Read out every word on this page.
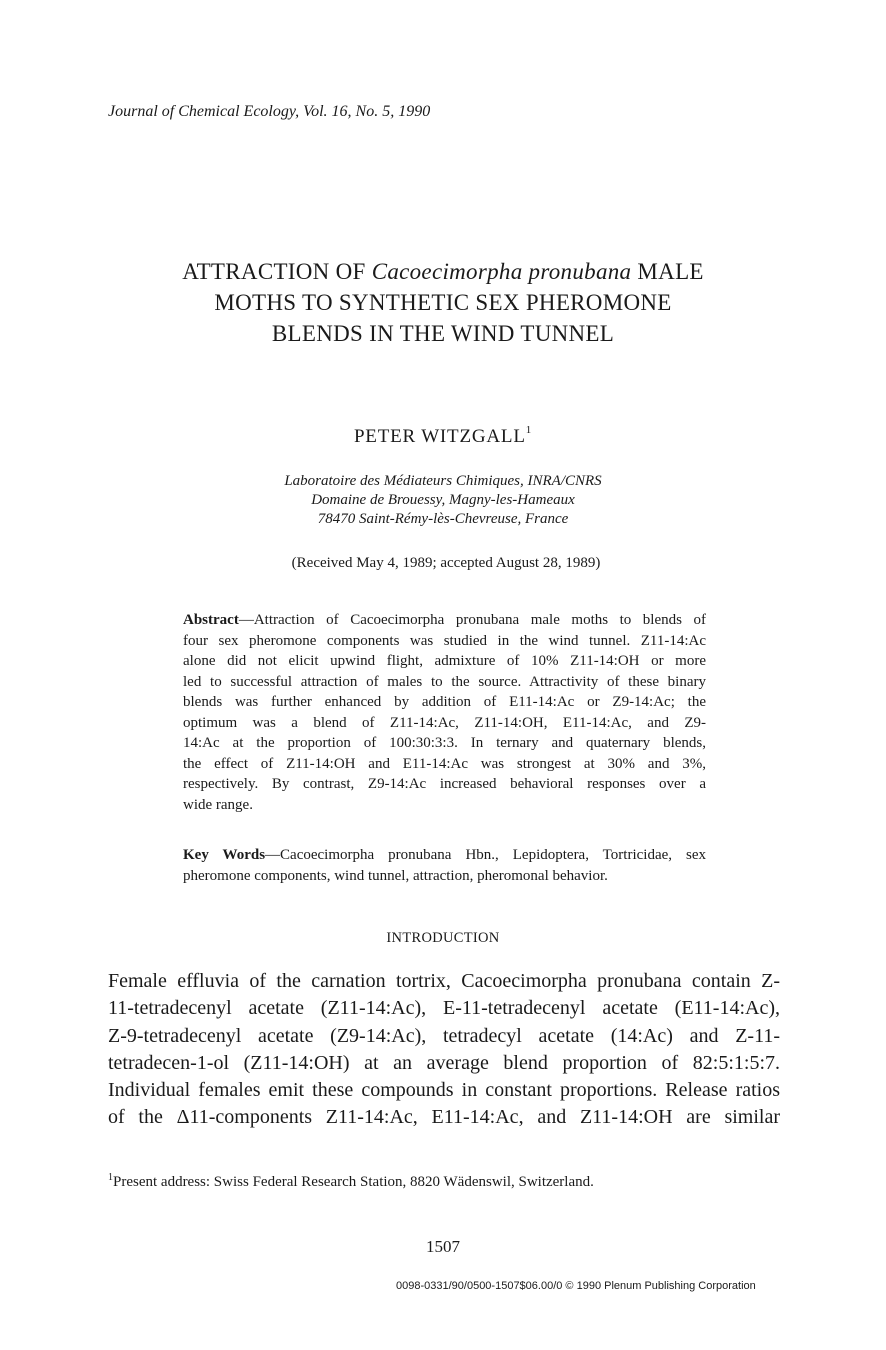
Journal of Chemical Ecology, Vol. 16, No. 5, 1990
ATTRACTION OF Cacoecimorpha pronubana MALE
MOTHS TO SYNTHETIC SEX PHEROMONE
BLENDS IN THE WIND TUNNEL
PETER WITZGALL$^1$
Laboratoire des Médiateurs Chimiques, INRA/CNRS
Domaine de Brouessy, Magny-les-Hameaux
78470 Saint-Rémy-lès-Chevreuse, France
(Received May 4, 1989; accepted August 28, 1989)
Abstract—Attraction of Cacoecimorpha pronubana male moths to blends of
four sex pheromone components was studied in the wind tunnel. Z11-14:Ac
alone did not elicit upwind flight, admixture of 10% Z11-14:OH or more
led to successful attraction of males to the source. Attractivity of these binary
blends was further enhanced by addition of E11-14:Ac or Z9-14:Ac; the
optimum was a blend of Z11-14:Ac, Z11-14:OH, E11-14:Ac, and Z9-
14:Ac at the proportion of 100:30:3:3. In ternary and quaternary blends,
the effect of Z11-14:OH and E11-14:Ac was strongest at 30% and 3%,
respectively. By contrast, Z9-14:Ac increased behavioral responses over a
wide range.
Key Words—Cacoecimorpha pronubana Hbn., Lepidoptera, Tortricidae, sex
pheromone components, wind tunnel, attraction, pheromonal behavior.
INTRODUCTION
Female effluvia of the carnation tortrix, Cacoecimorpha pronubana contain Z-
11-tetradecenyl acetate (Z11-14:Ac), E-11-tetradecenyl acetate (E11-14:Ac),
Z-9-tetradecenyl acetate (Z9-14:Ac), tetradecyl acetate (14:Ac) and Z-11-
tetradecen-1-ol (Z11-14:OH) at an average blend proportion of 82:5:1:5:7.
Individual females emit these compounds in constant proportions. Release ratios
of the Δ11-components Z11-14:Ac, E11-14:Ac, and Z11-14:OH are similar
$^1$Present address: Swiss Federal Research Station, 8820 Wädenswil, Switzerland.
1507
0098-0331/90/0500-1507$06.00/0 © 1990 Plenum Publishing Corporation
